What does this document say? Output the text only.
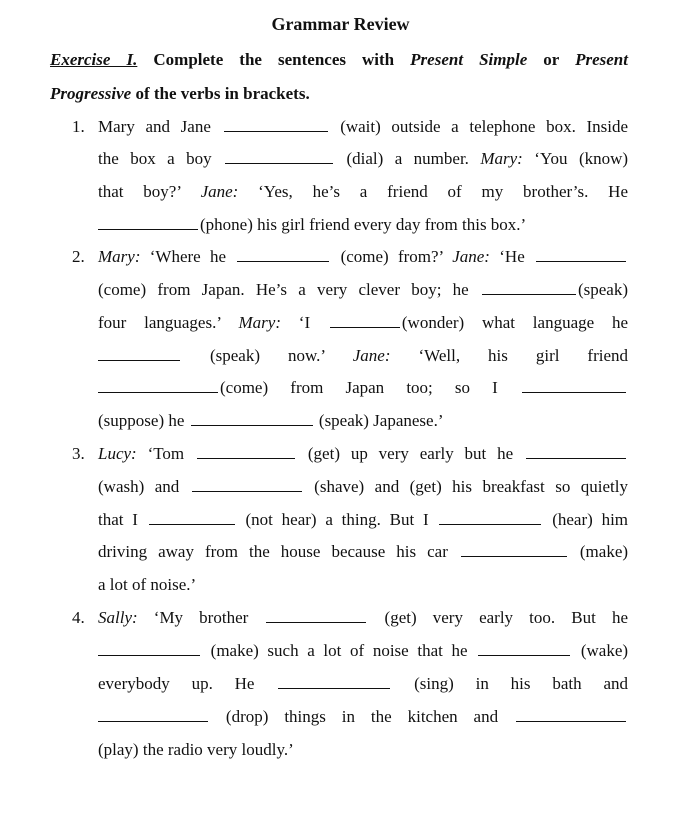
Grammar Review
Exercise I. Complete the sentences with Present Simple or Present
Progressive of the verbs in brackets.
1. Mary and Jane	(wait) outside a telephone box. Inside
the box a boy	(dial) a number. Mary: ‘You (know)
that boy?’ Jane: ‘Yes, he’s a friend of my brother’s. He
(phone) his girl friend every day from this box.’
2. Mary: ‘Where he	(come) from?’ Jane: ‘He
(come) from Japan. He’s a very clever boy; he	(speak)
four languages.’ Mary: ‘I	(wonder) what language he
(speak) now.’ Jane: ‘Well, his girl friend
(come) from Japan too; so I
(suppose) he	(speak) Japanese.’
3. Lucy: ‘Tom	(get) up very early but he
(wash) and	(shave) and (get) his breakfast so quietly
that I	(not hear) a thing. But I	(hear) him
driving away from the house because his car	(make)
a lot of noise.’
4. Sally: ‘My brother	(get) very early too. But he
(make) such a lot of noise that he	(wake)
everybody up. He	(sing) in his bath and
(drop) things in the kitchen and
(play) the radio very loudly.’
